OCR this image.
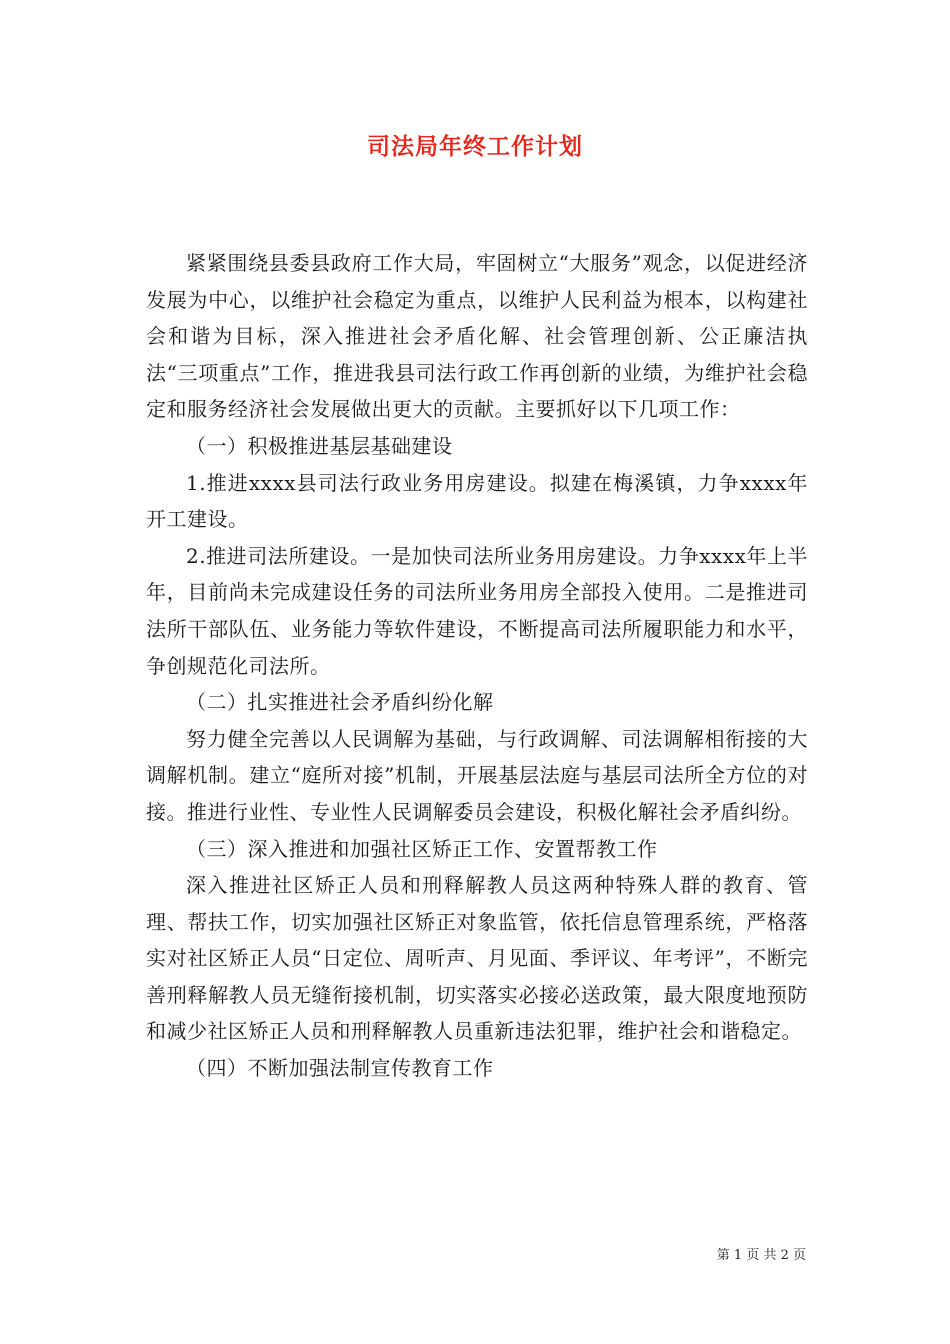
司法局年终工作计划

紧紧围绕县委县政府工作大局，牢固树立“大服务”观念，以促进经济发展为中心，以维护社会稳定为重点，以维护人民利益为根本，以构建社会和谐为目标，深入推进社会矛盾化解、社会管理创新、公正廉洁执法“三项重点”工作，推进我县司法行政工作再创新的业绩，为维护社会稳定和服务经济社会发展做出更大的贡献。主要抓好以下几项工作：

（一）积极推进基层基础建设

1.推进xxxx县司法行政业务用房建设。拟建在梅溪镇，力争xxxx年开工建设。

2.推进司法所建设。一是加快司法所业务用房建设。力争xxxx年上半年，目前尚未完成建设任务的司法所业务用房全部投入使用。二是推进司法所干部队伍、业务能力等软件建设，不断提高司法所履职能力和水平，争创规范化司法所。

（二）扎实推进社会矛盾纠纷化解

努力健全完善以人民调解为基础，与行政调解、司法调解相衔接的大调解机制。建立“庭所对接”机制，开展基层法庭与基层司法所全方位的对接。推进行业性、专业性人民调解委员会建设，积极化解社会矛盾纠纷。

（三）深入推进和加强社区矫正工作、安置帮教工作

深入推进社区矫正人员和刑释解教人员这两种特殊人群的教育、管理、帮扶工作，切实加强社区矫正对象监管，依托信息管理系统，严格落实对社区矫正人员“日定位、周听声、月见面、季评议、年考评”，不断完善刑释解教人员无缝衔接机制，切实落实必接必送政策，最大限度地预防和减少社区矫正人员和刑释解教人员重新违法犯罪，维护社会和谐稳定。

（四）不断加强法制宣传教育工作

第 1 页 共 2 页
